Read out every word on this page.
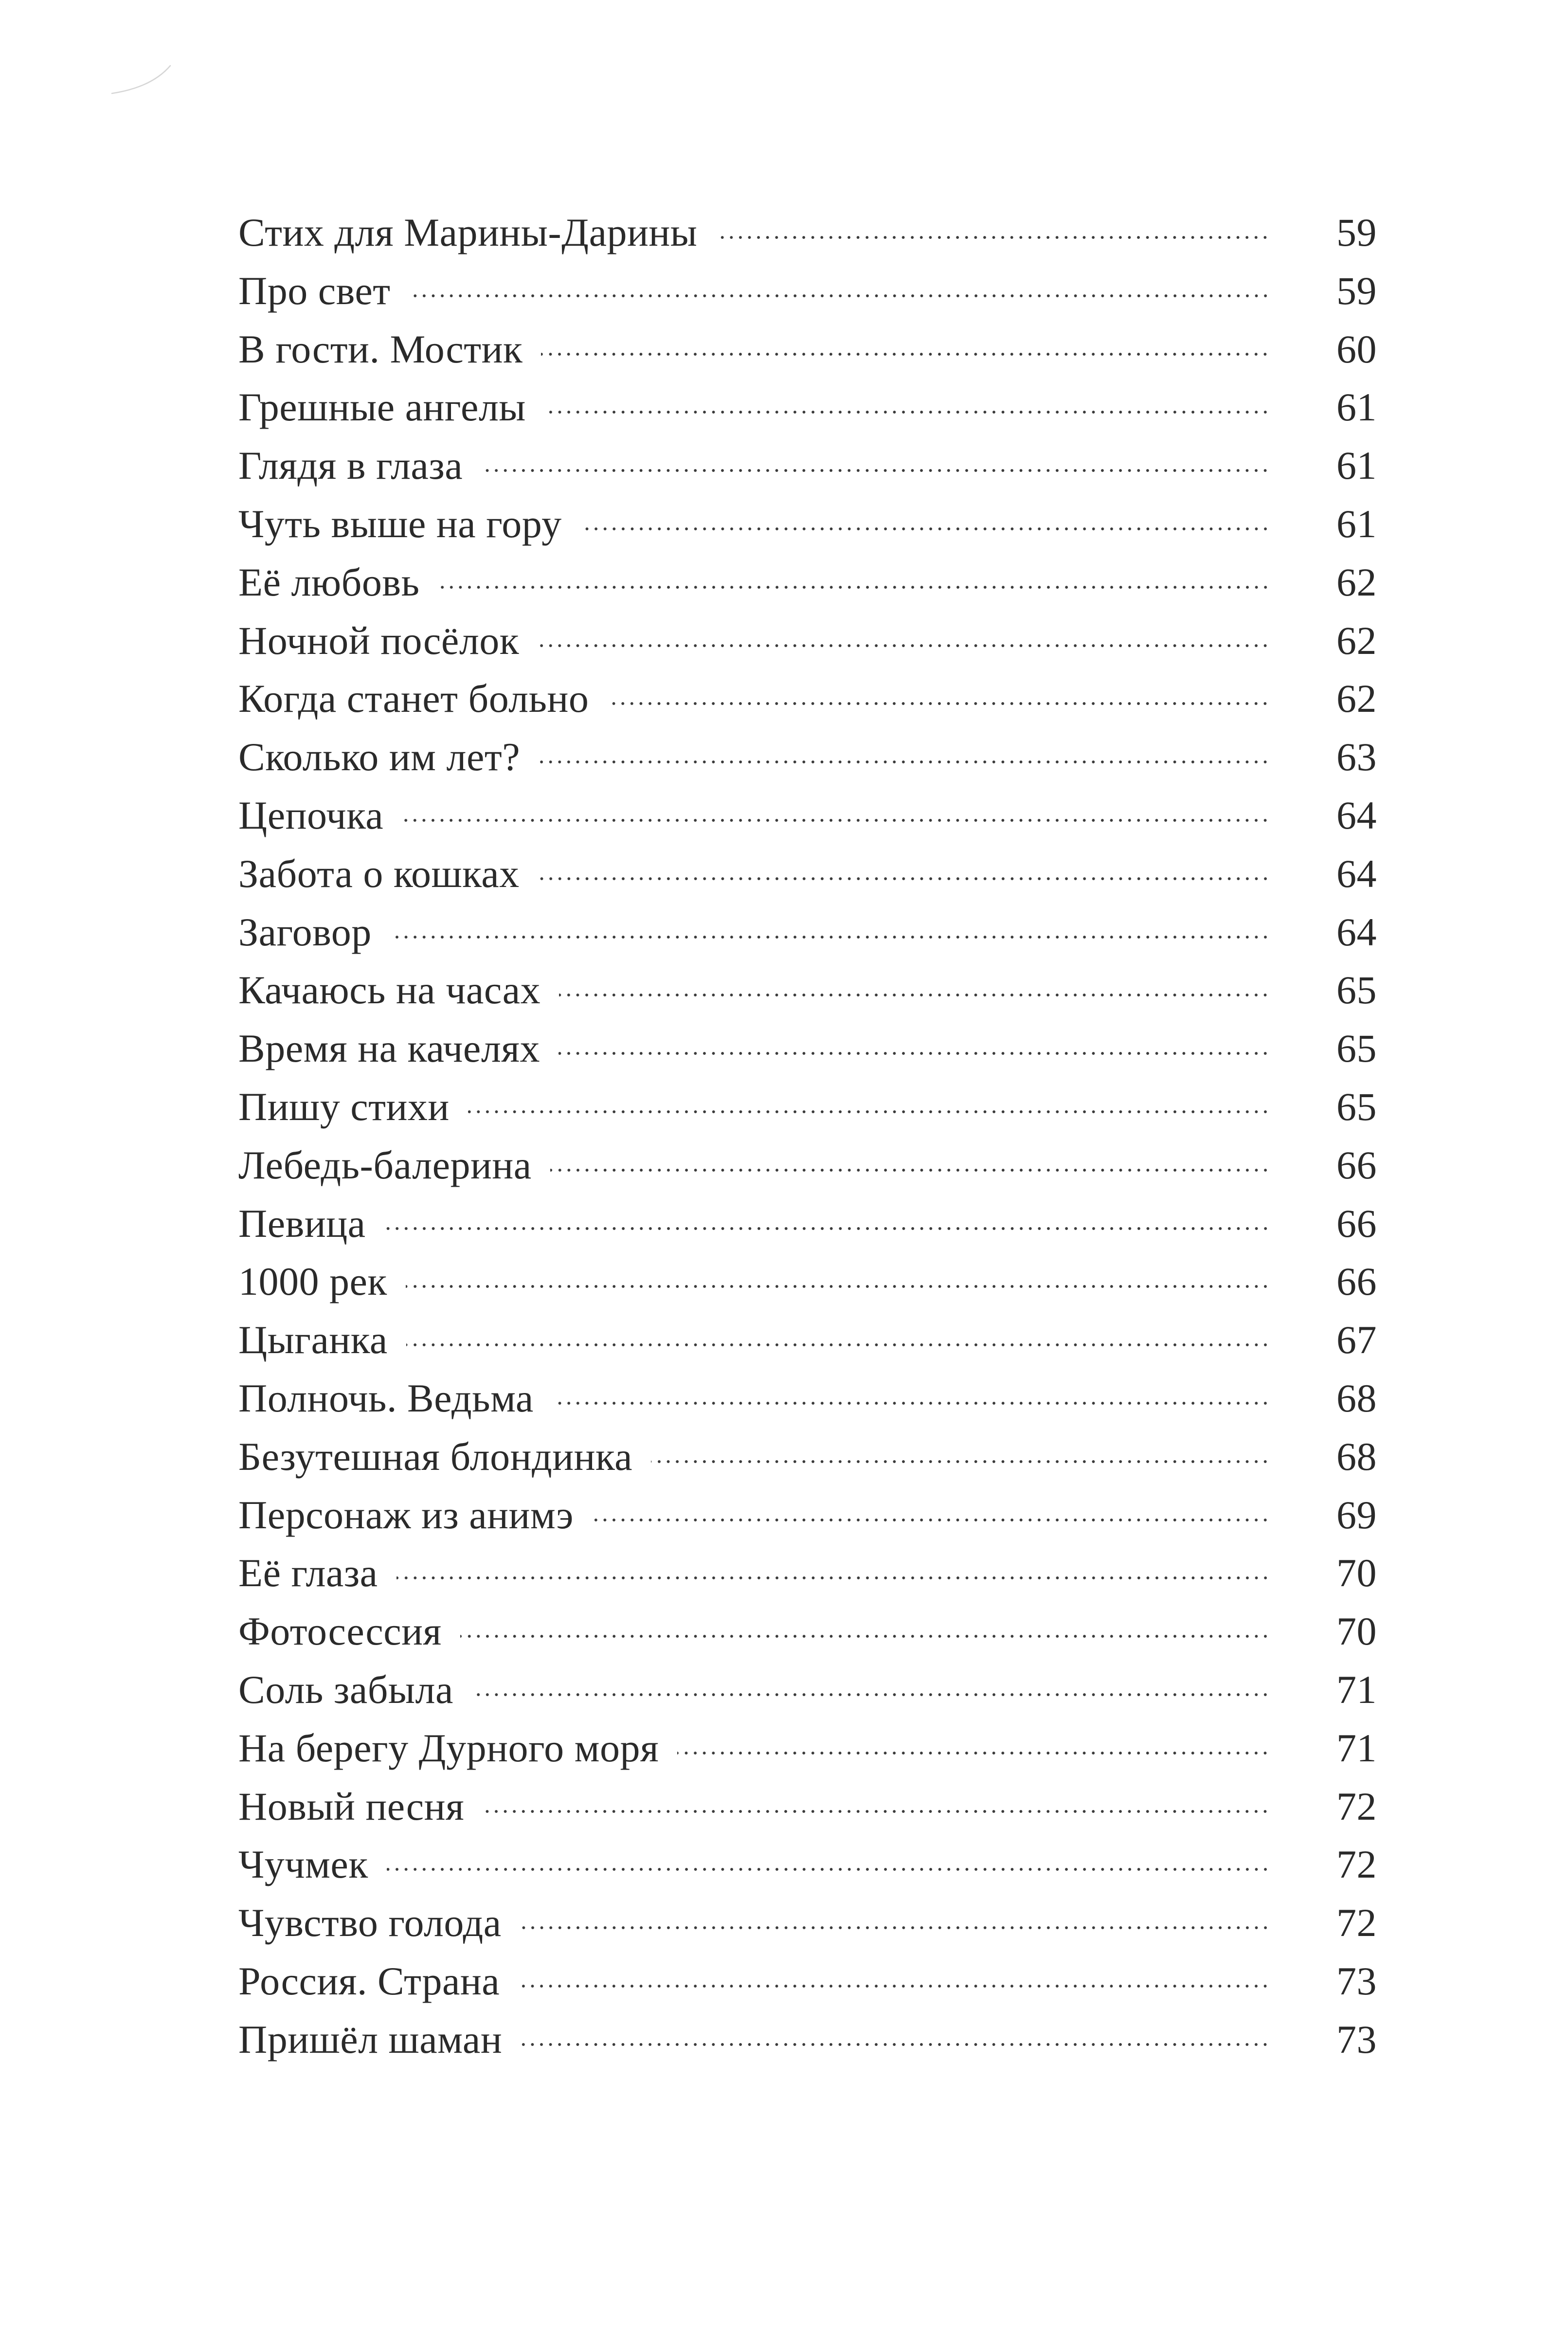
Стих для Марины-Дарины	59
Про свет	59
В гости. Мостик	60
Грешные ангелы	61
Глядя в глаза	61
Чуть выше на гору	61
Её любовь	62
Ночной посёлок	62
Когда станет больно	62
Сколько им лет?	63
Цепочка	64
Забота о кошках	64
Заговор	64
Качаюсь на часах	65
Время на качелях	65
Пишу стихи	65
Лебедь-балерина	66
Певица	66
1000 рек	66
Цыганка	67
Полночь. Ведьма	68
Безутешная блондинка	68
Персонаж из анимэ	69
Её глаза	70
Фотосессия	70
Соль забыла	71
На берегу Дурного моря	71
Новый песня	72
Чучмек	72
Чувство голода	72
Россия. Страна	73
Пришёл шаман	73
